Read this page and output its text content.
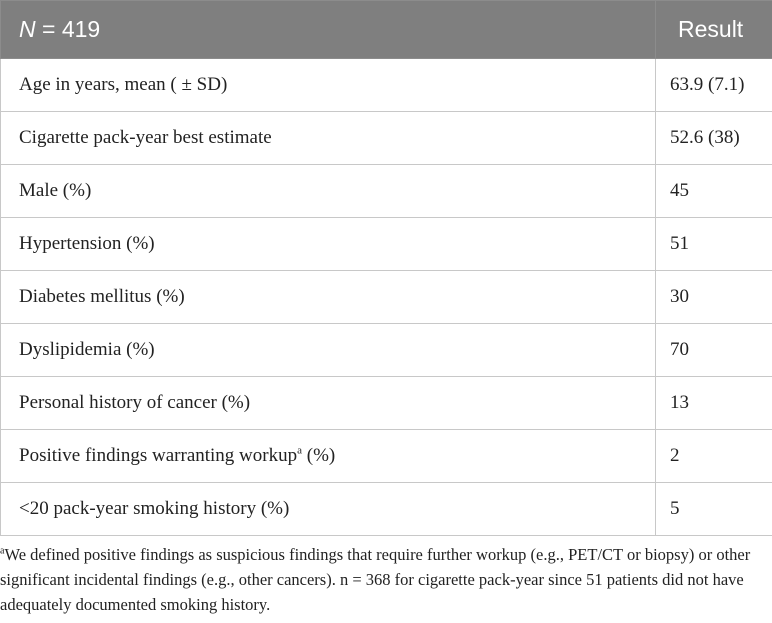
N = 419	Result
Age in years, mean ( ± SD)	63.9 (7.1)
Cigarette pack-year best estimate	52.6 (38)
Male (%)	45
Hypertension (%)	51
Diabetes mellitus (%)	30
Dyslipidemia (%)	70
Personal history of cancer (%)	13
Positive findings warranting workup$^a$ (%)	2
<20 pack-year smoking history (%)	5
$^a$We defined positive findings as suspicious findings that require further workup (e.g., PET/CT or biopsy) or other significant incidental findings (e.g., other cancers). n = 368 for cigarette pack-year since 51 patients did not have adequately documented smoking history.
